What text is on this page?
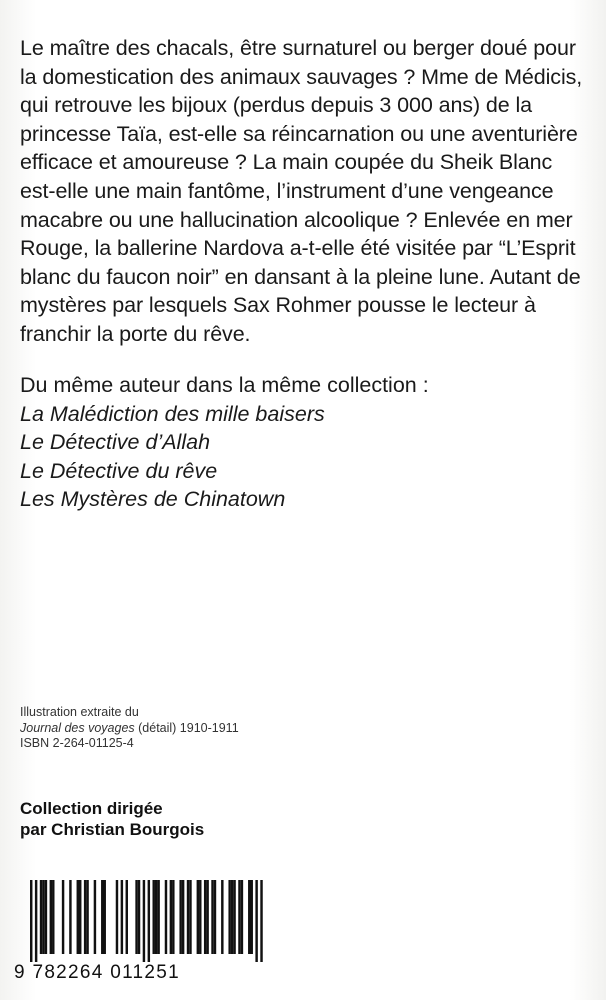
Le maître des chacals, être surnaturel ou berger doué pour la domestication des animaux sauvages ? Mme de Médicis, qui retrouve les bijoux (perdus depuis 3 000 ans) de la princesse Taïa, est-elle sa réincarnation ou une aventurière efficace et amoureuse ? La main coupée du Sheik Blanc est-elle une main fantôme, l’instrument d’une vengeance macabre ou une hallucination alcoolique ? Enlevée en mer Rouge, la ballerine Nardova a-t-elle été visitée par “L’Esprit blanc du faucon noir” en dansant à la pleine lune. Autant de mystères par lesquels Sax Rohmer pousse le lecteur à franchir la porte du rêve.

Du même auteur dans la même collection :
La Malédiction des mille baisers
Le Détective d’Allah
Le Détective du rêve
Les Mystères de Chinatown
Illustration extraite du
Journal des voyages (détail) 1910-1911
ISBN 2-264-01125-4
Collection dirigée
par Christian Bourgois
9 782264 011251
